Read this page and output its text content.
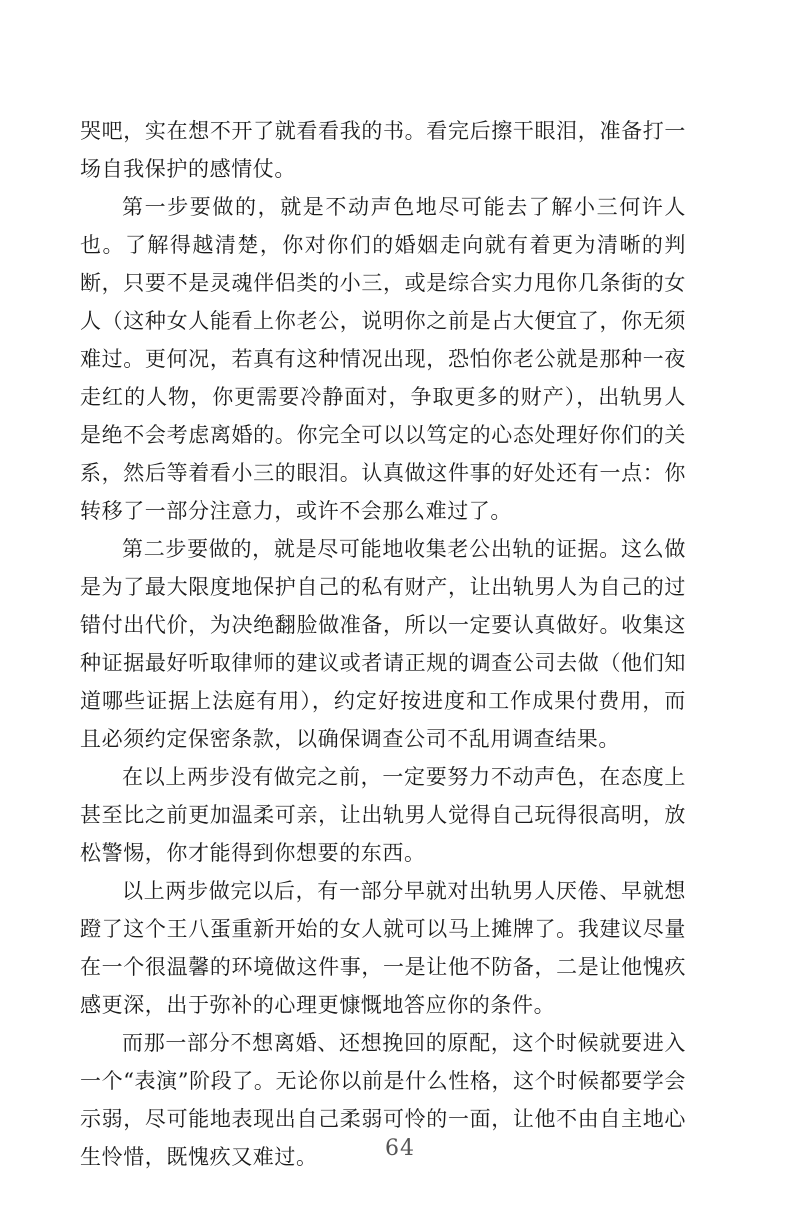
哭吧，实在想不开了就看看我的书。看完后擦干眼泪，准备打一场自我保护的感情仗。

第一步要做的，就是不动声色地尽可能去了解小三何许人也。了解得越清楚，你对你们的婚姻走向就有着更为清晰的判断，只要不是灵魂伴侣类的小三，或是综合实力甩你几条街的女人（这种女人能看上你老公，说明你之前是占大便宜了，你无须难过。更何况，若真有这种情况出现，恐怕你老公就是那种一夜走红的人物，你更需要冷静面对，争取更多的财产），出轨男人是绝不会考虑离婚的。你完全可以以笃定的心态处理好你们的关系，然后等着看小三的眼泪。认真做这件事的好处还有一点：你转移了一部分注意力，或许不会那么难过了。

第二步要做的，就是尽可能地收集老公出轨的证据。这么做是为了最大限度地保护自己的私有财产，让出轨男人为自己的过错付出代价，为决绝翻脸做准备，所以一定要认真做好。收集这种证据最好听取律师的建议或者请正规的调查公司去做（他们知道哪些证据上法庭有用），约定好按进度和工作成果付费用，而且必须约定保密条款，以确保调查公司不乱用调查结果。

在以上两步没有做完之前，一定要努力不动声色，在态度上甚至比之前更加温柔可亲，让出轨男人觉得自己玩得很高明，放松警惕，你才能得到你想要的东西。

以上两步做完以后，有一部分早就对出轨男人厌倦、早就想蹬了这个王八蛋重新开始的女人就可以马上摊牌了。我建议尽量在一个很温馨的环境做这件事，一是让他不防备，二是让他愧疚感更深，出于弥补的心理更慷慨地答应你的条件。

而那一部分不想离婚、还想挽回的原配，这个时候就要进入一个“表演”阶段了。无论你以前是什么性格，这个时候都要学会示弱，尽可能地表现出自己柔弱可怜的一面，让他不由自主地心生怜惜，既愧疚又难过。	64
